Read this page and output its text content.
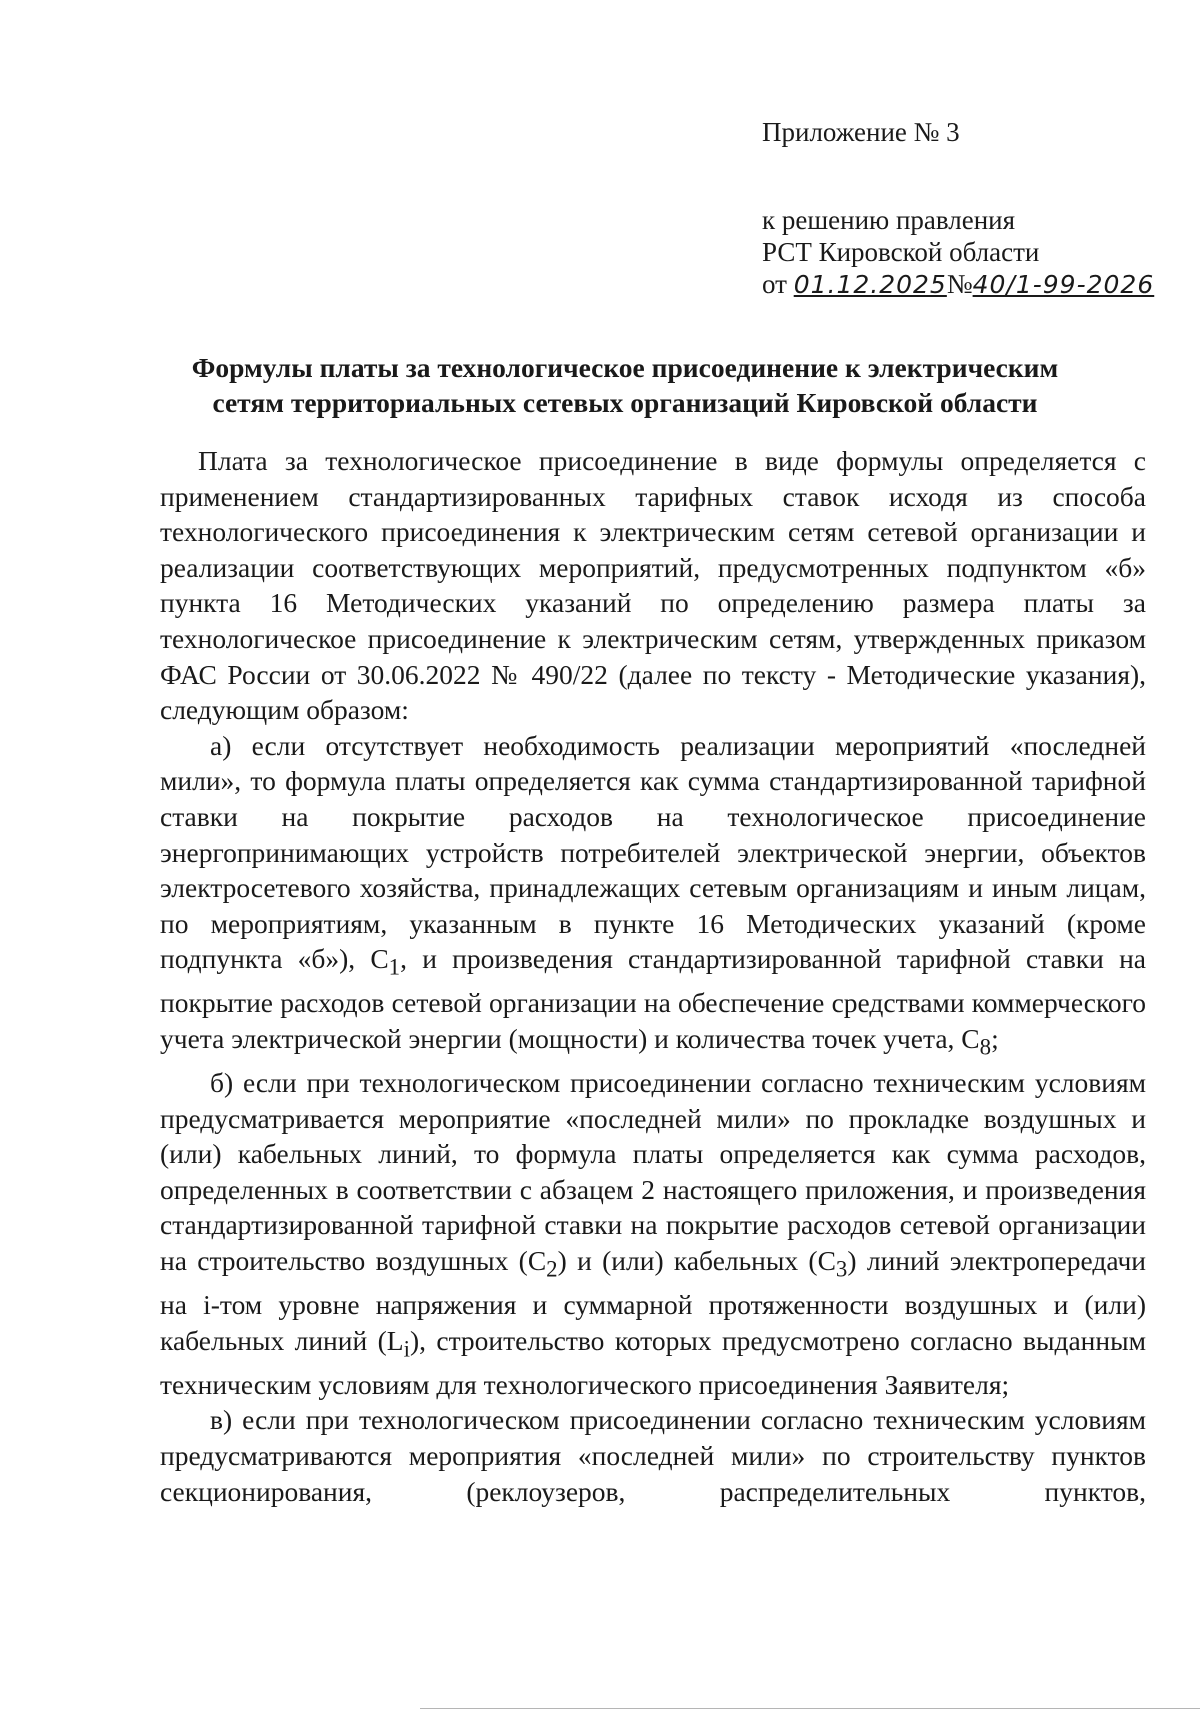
Приложение № 3
к решению правления
РСТ Кировской области
от 01.12.2025№40/1-99-2026
Формулы платы за технологическое присоединение к электрическим
сетям территориальных сетевых организаций Кировской области

Плата за технологическое присоединение в виде формулы определяется с применением стандартизированных тарифных ставок исходя из способа технологического присоединения к электрическим сетям сетевой организации и реализации соответствующих мероприятий, предусмотренных подпунктом «б» пункта 16 Методических указаний по определению размера платы за технологическое присоединение к электрическим сетям, утвержденных приказом ФАС России от 30.06.2022 № 490/22 (далее по тексту - Методические указания), следующим образом:

а) если отсутствует необходимость реализации мероприятий «последней мили», то формула платы определяется как сумма стандартизированной тарифной ставки на покрытие расходов на технологическое присоединение энергопринимающих устройств потребителей электрической энергии, объектов электросетевого хозяйства, принадлежащих сетевым организациям и иным лицам, по мероприятиям, указанным в пункте 16 Методических указаний (кроме подпункта «б»), $С_1$, и произведения стандартизированной тарифной ставки на покрытие расходов сетевой организации на обеспечение средствами коммерческого учета электрической энергии (мощности) и количества точек учета, $С_8$;

б) если при технологическом присоединении согласно техническим условиям предусматривается мероприятие «последней мили» по прокладке воздушных и (или) кабельных линий, то формула платы определяется как сумма расходов, определенных в соответствии с абзацем 2 настоящего приложения, и произведения стандартизированной тарифной ставки на покрытие расходов сетевой организации на строительство воздушных $(С_2)$ и (или) кабельных $(С_3)$ линий электропередачи на i-том уровне напряжения и суммарной протяженности воздушных и (или) кабельных линий $(L_i)$, строительство которых предусмотрено согласно выданным техническим условиям для технологического присоединения Заявителя;

в) если при технологическом присоединении согласно техническим условиям предусматриваются мероприятия «последней мили» по строительству пунктов секционирования, (реклоузеров, распределительных пунктов,
